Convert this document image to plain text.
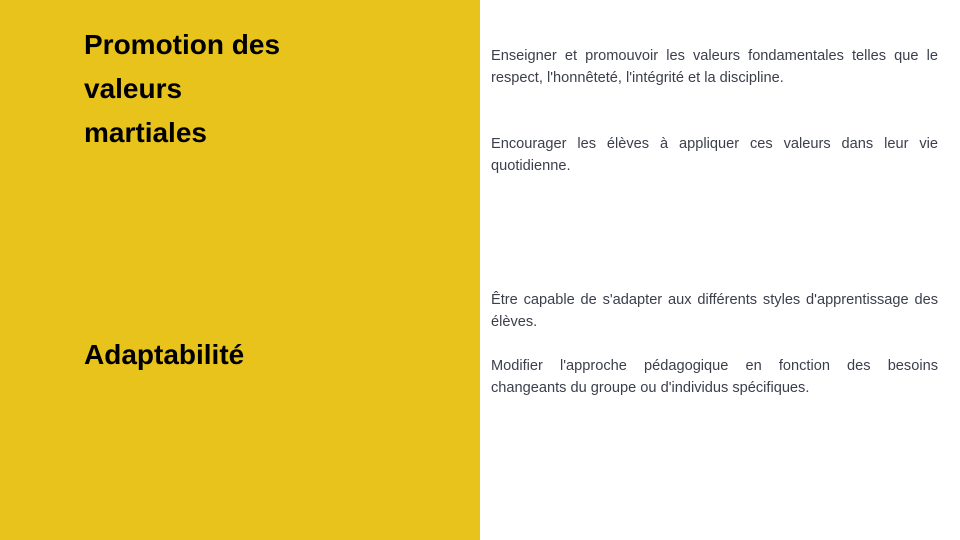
Promotion des valeurs martiales
Adaptabilité

Enseigner et promouvoir les valeurs fondamentales telles que le respect, l'honnêteté, l'intégrité et la discipline.

Encourager les élèves à appliquer ces valeurs dans leur vie quotidienne.

Être capable de s'adapter aux différents styles d'apprentissage des élèves.

Modifier l'approche pédagogique en fonction des besoins changeants du groupe ou d'individus spécifiques.
